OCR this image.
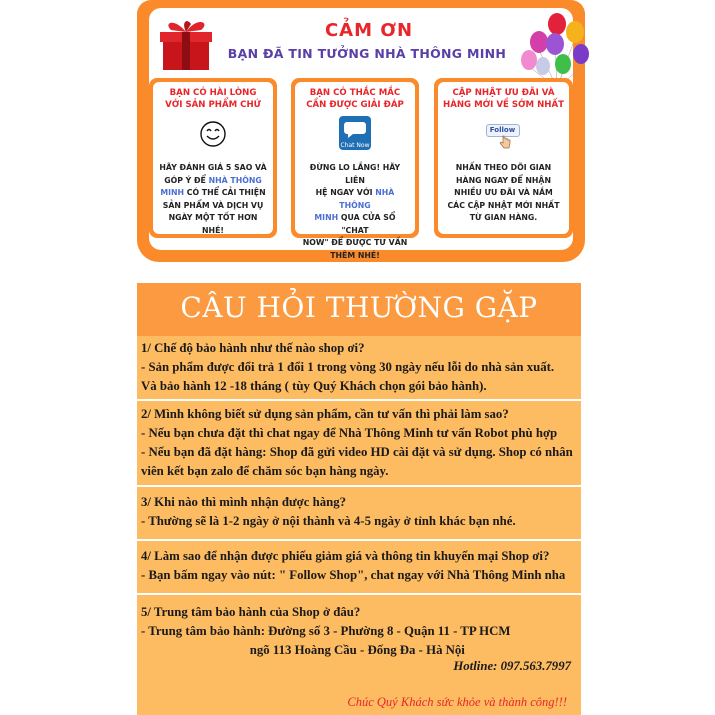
CẢM ƠN
BẠN ĐÃ TIN TƯỞNG NHÀ THÔNG MINH
BẠN CÓ HÀI LÒNG
VỚI SẢN PHẨM CHỨ
HÃY ĐÁNH GIÁ 5 SAO VÀ
GÓP Ý ĐỂ NHÀ THÔNG
MINH CÓ THỂ CẢI THIỆN
SẢN PHẨM VÀ DỊCH VỤ
NGÀY MỘT TỐT HƠN NHÉ!
BẠN CÓ THẮC MẮC
CẦN ĐƯỢC GIẢI ĐÁP
Chat Now
ĐỪNG LO LẮNG! HÃY LIÊN
HỆ NGAY VỚI NHÀ THÔNG
MINH QUA CỬA SỔ "CHAT
NOW" ĐỂ ĐƯỢC TƯ VẤN
THÊM NHÉ!
CẬP NHẬT ƯU ĐÃI VÀ
HÀNG MỚI VỀ SỚM NHẤT
Follow
NHẤN THEO DÕI GIAN
HÀNG NGAY ĐỂ NHẬN
NHIỀU ƯU ĐÃI VÀ NẮM
CÁC CẬP NHẬT MỚI NHẤT
TỪ GIAN HÀNG.
CÂU HỎI THƯỜNG GẶP
1/ Chế độ bảo hành như thế nào shop ơi?
- Sản phẩm được đổi trả 1 đổi 1 trong vòng 30 ngày nếu lỗi do nhà sản xuất.
Và bảo hành 12 -18 tháng ( tùy Quý Khách chọn gói bảo hành).
2/ Mình không biết sử dụng sản phẩm, cần tư vấn thì phải làm sao?
- Nếu bạn chưa đặt thì chat ngay để Nhà Thông Minh tư vấn Robot phù hợp
- Nếu bạn đã đặt hàng: Shop đã gửi video HD cài đặt và sử dụng. Shop có nhân
viên kết bạn zalo để chăm sóc bạn hàng ngày.
3/ Khi nào thì mình nhận được hàng?
- Thường sẽ là 1-2 ngày ở nội thành và 4-5 ngày ở tỉnh khác bạn nhé.
4/ Làm sao để nhận được phiếu giảm giá và thông tin khuyến mại Shop ơi?
- Bạn bấm ngay vào nút: " Follow Shop", chat ngay với Nhà Thông Minh nha
5/ Trung tâm bảo hành của Shop ở đâu?
- Trung tâm bảo hành: Đường số 3 - Phường 8 - Quận 11 - TP HCM
ngõ 113 Hoàng Cầu - Đống Đa - Hà Nội
Hotline: 097.563.7997
Chúc Quý Khách sức khỏe và thành công!!!
